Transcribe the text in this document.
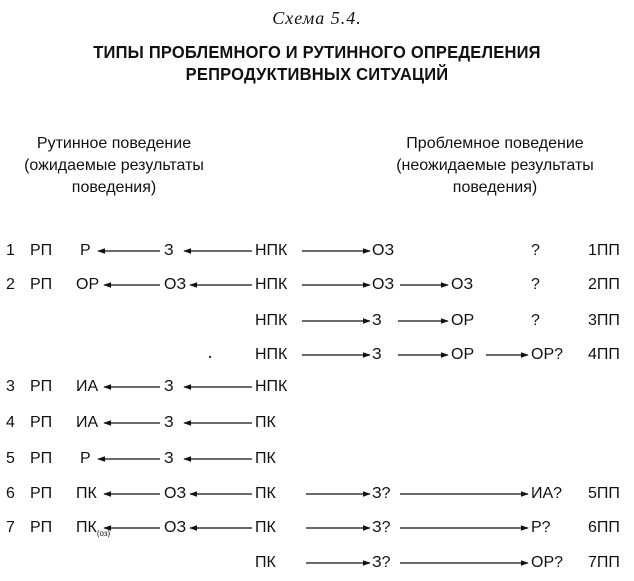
Схема 5.4.
ТИПЫ ПРОБЛЕМНОГО И РУТИННОГО ОПРЕДЕЛЕНИЯ
РЕПРОДУКТИВНЫХ СИТУАЦИЙ
Рутинное поведение
(ожидаемые результаты
поведения)
Проблемное поведение
(неожидаемые результаты
поведения)
1 РП Р	З	НПК	ОЗ	?	1ПП
2 РП ОР	ОЗ	НПК	ОЗ	ОЗ	?	2ПП
НПК	З	ОР	?	3ПП
НПК	З	ОР	ОР? 4ПП
3 РП ИА	З	НПК
4 РП ИА	З	ПК
5 РП Р	З	ПК
6 РП ПК	ОЗ	ПК	З?	ИА? 5ПП
7 РП $ПК_{(оз)}$	ОЗ	ПК	З?	Р? 6ПП
ПК	З?	ОР? 7ПП
